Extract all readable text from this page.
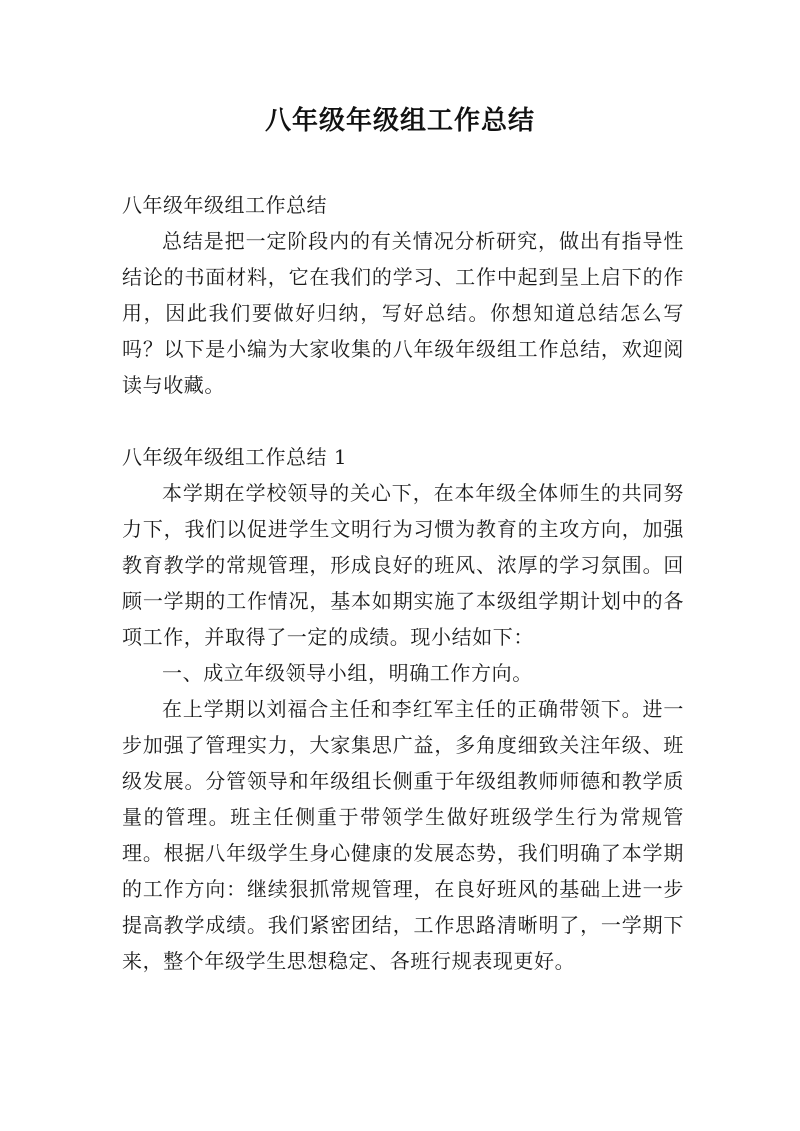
八年级年级组工作总结

八年级年级组工作总结

总结是把一定阶段内的有关情况分析研究，做出有指导性结论的书面材料，它在我们的学习、工作中起到呈上启下的作用，因此我们要做好归纳，写好总结。你想知道总结怎么写吗？以下是小编为大家收集的八年级年级组工作总结，欢迎阅读与收藏。

八年级年级组工作总结 1

本学期在学校领导的关心下，在本年级全体师生的共同努力下，我们以促进学生文明行为习惯为教育的主攻方向，加强教育教学的常规管理，形成良好的班风、浓厚的学习氛围。回顾一学期的工作情况，基本如期实施了本级组学期计划中的各项工作，并取得了一定的成绩。现小结如下：

一、成立年级领导小组，明确工作方向。

在上学期以刘福合主任和李红军主任的正确带领下。进一步加强了管理实力，大家集思广益，多角度细致关注年级、班级发展。分管领导和年级组长侧重于年级组教师师德和教学质量的管理。班主任侧重于带领学生做好班级学生行为常规管理。根据八年级学生身心健康的发展态势，我们明确了本学期的工作方向：继续狠抓常规管理，在良好班风的基础上进一步提高教学成绩。我们紧密团结，工作思路清晰明了，一学期下来，整个年级学生思想稳定、各班行规表现更好。
